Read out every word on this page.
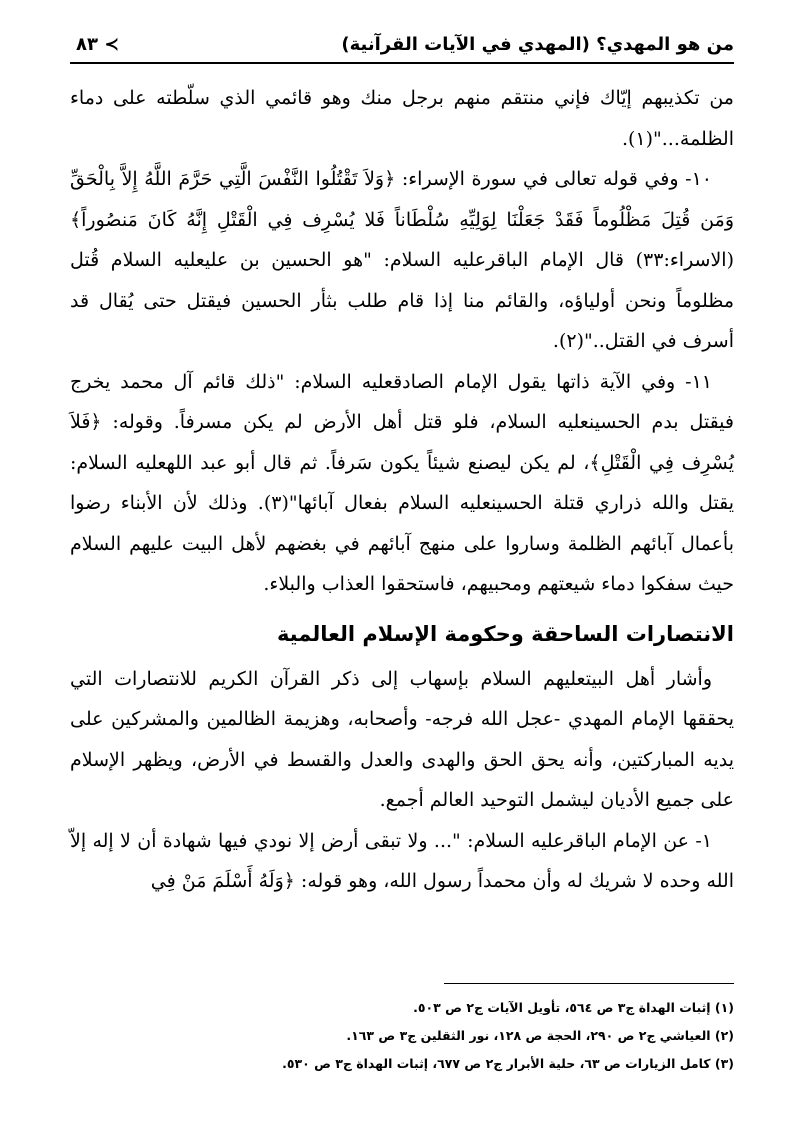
من هو المهدي؟ (المهدي في الآيات القرآنية)
٨٣ ≺

من تكذيبهم إيّاك فإني منتقم منهم برجل منك وهو قائمي الذي سلّطته على دماء الظلمة..."(١).

١٠- وفي قوله تعالى في سورة الإسراء: ﴿وَلاَ تَقْتُلُوا النَّفْسَ الَّتِي حَرَّمَ اللَّهُ إِلاَّ بِالْحَقِّ وَمَن قُتِلَ مَظْلُوماً فَقَدْ جَعَلْنَا لِوَلِيِّهِ سُلْطَاناً فَلا يُسْرِف فِي الْقَتْلِ إِنَّهُ كَانَ مَنصُوراً﴾ (الاسراء:٣٣) قال الإمام الباقرعليه السلام: "هو الحسين بن عليعليه السلام قُتل مظلوماً ونحن أولياؤه، والقائم منا إذا قام طلب بثأر الحسين فيقتل حتى يُقال قد أسرف في القتل.."(٢).

١١- وفي الآية ذاتها يقول الإمام الصادقعليه السلام: "ذلك قائم آل محمد يخرج فيقتل بدم الحسينعليه السلام، فلو قتل أهل الأرض لم يكن مسرفاً. وقوله: ﴿فَلاَ يُسْرِف فِي الْقَتْلِ﴾، لم يكن ليصنع شيئاً يكون سَرفاً. ثم قال أبو عبد اللهعليه السلام: يقتل والله ذراري قتلة الحسينعليه السلام بفعال آبائها"(٣). وذلك لأن الأبناء رضوا بأعمال آبائهم الظلمة وساروا على منهج آبائهم في بغضهم لأهل البيت عليهم السلام حيث سفكوا دماء شيعتهم ومحبيهم، فاستحقوا العذاب والبلاء.

الانتصارات الساحقة وحكومة الإسلام العالمية

وأشار أهل البيتعليهم السلام بإسهاب إلى ذكر القرآن الكريم للانتصارات التي يحققها الإمام المهدي -عجل الله فرجه- وأصحابه، وهزيمة الظالمين والمشركين على يديه المباركتين، وأنه يحق الحق والهدى والعدل والقسط في الأرض، ويظهر الإسلام على جميع الأديان ليشمل التوحيد العالم أجمع.

١- عن الإمام الباقرعليه السلام: "... ولا تبقى أرض إلا نودي فيها شهادة أن لا إله إلاّ الله وحده لا شريك له وأن محمداً رسول الله، وهو قوله: ﴿وَلَهُ أَسْلَمَ مَنْ فِي

(١) إثبات الهداة ج٣ ص ٥٦٤، تأويل الآيات ج٢ ص ٥٠٣.

(٢) العياشي ج٢ ص ٢٩٠، الحجة ص ١٢٨، نور الثقلين ج٣ ص ١٦٣.

(٣) كامل الزيارات ص ٦٣، حلية الأبرار ج٢ ص ٦٧٧، إثبات الهداة ج٣ ص ٥٣٠.
